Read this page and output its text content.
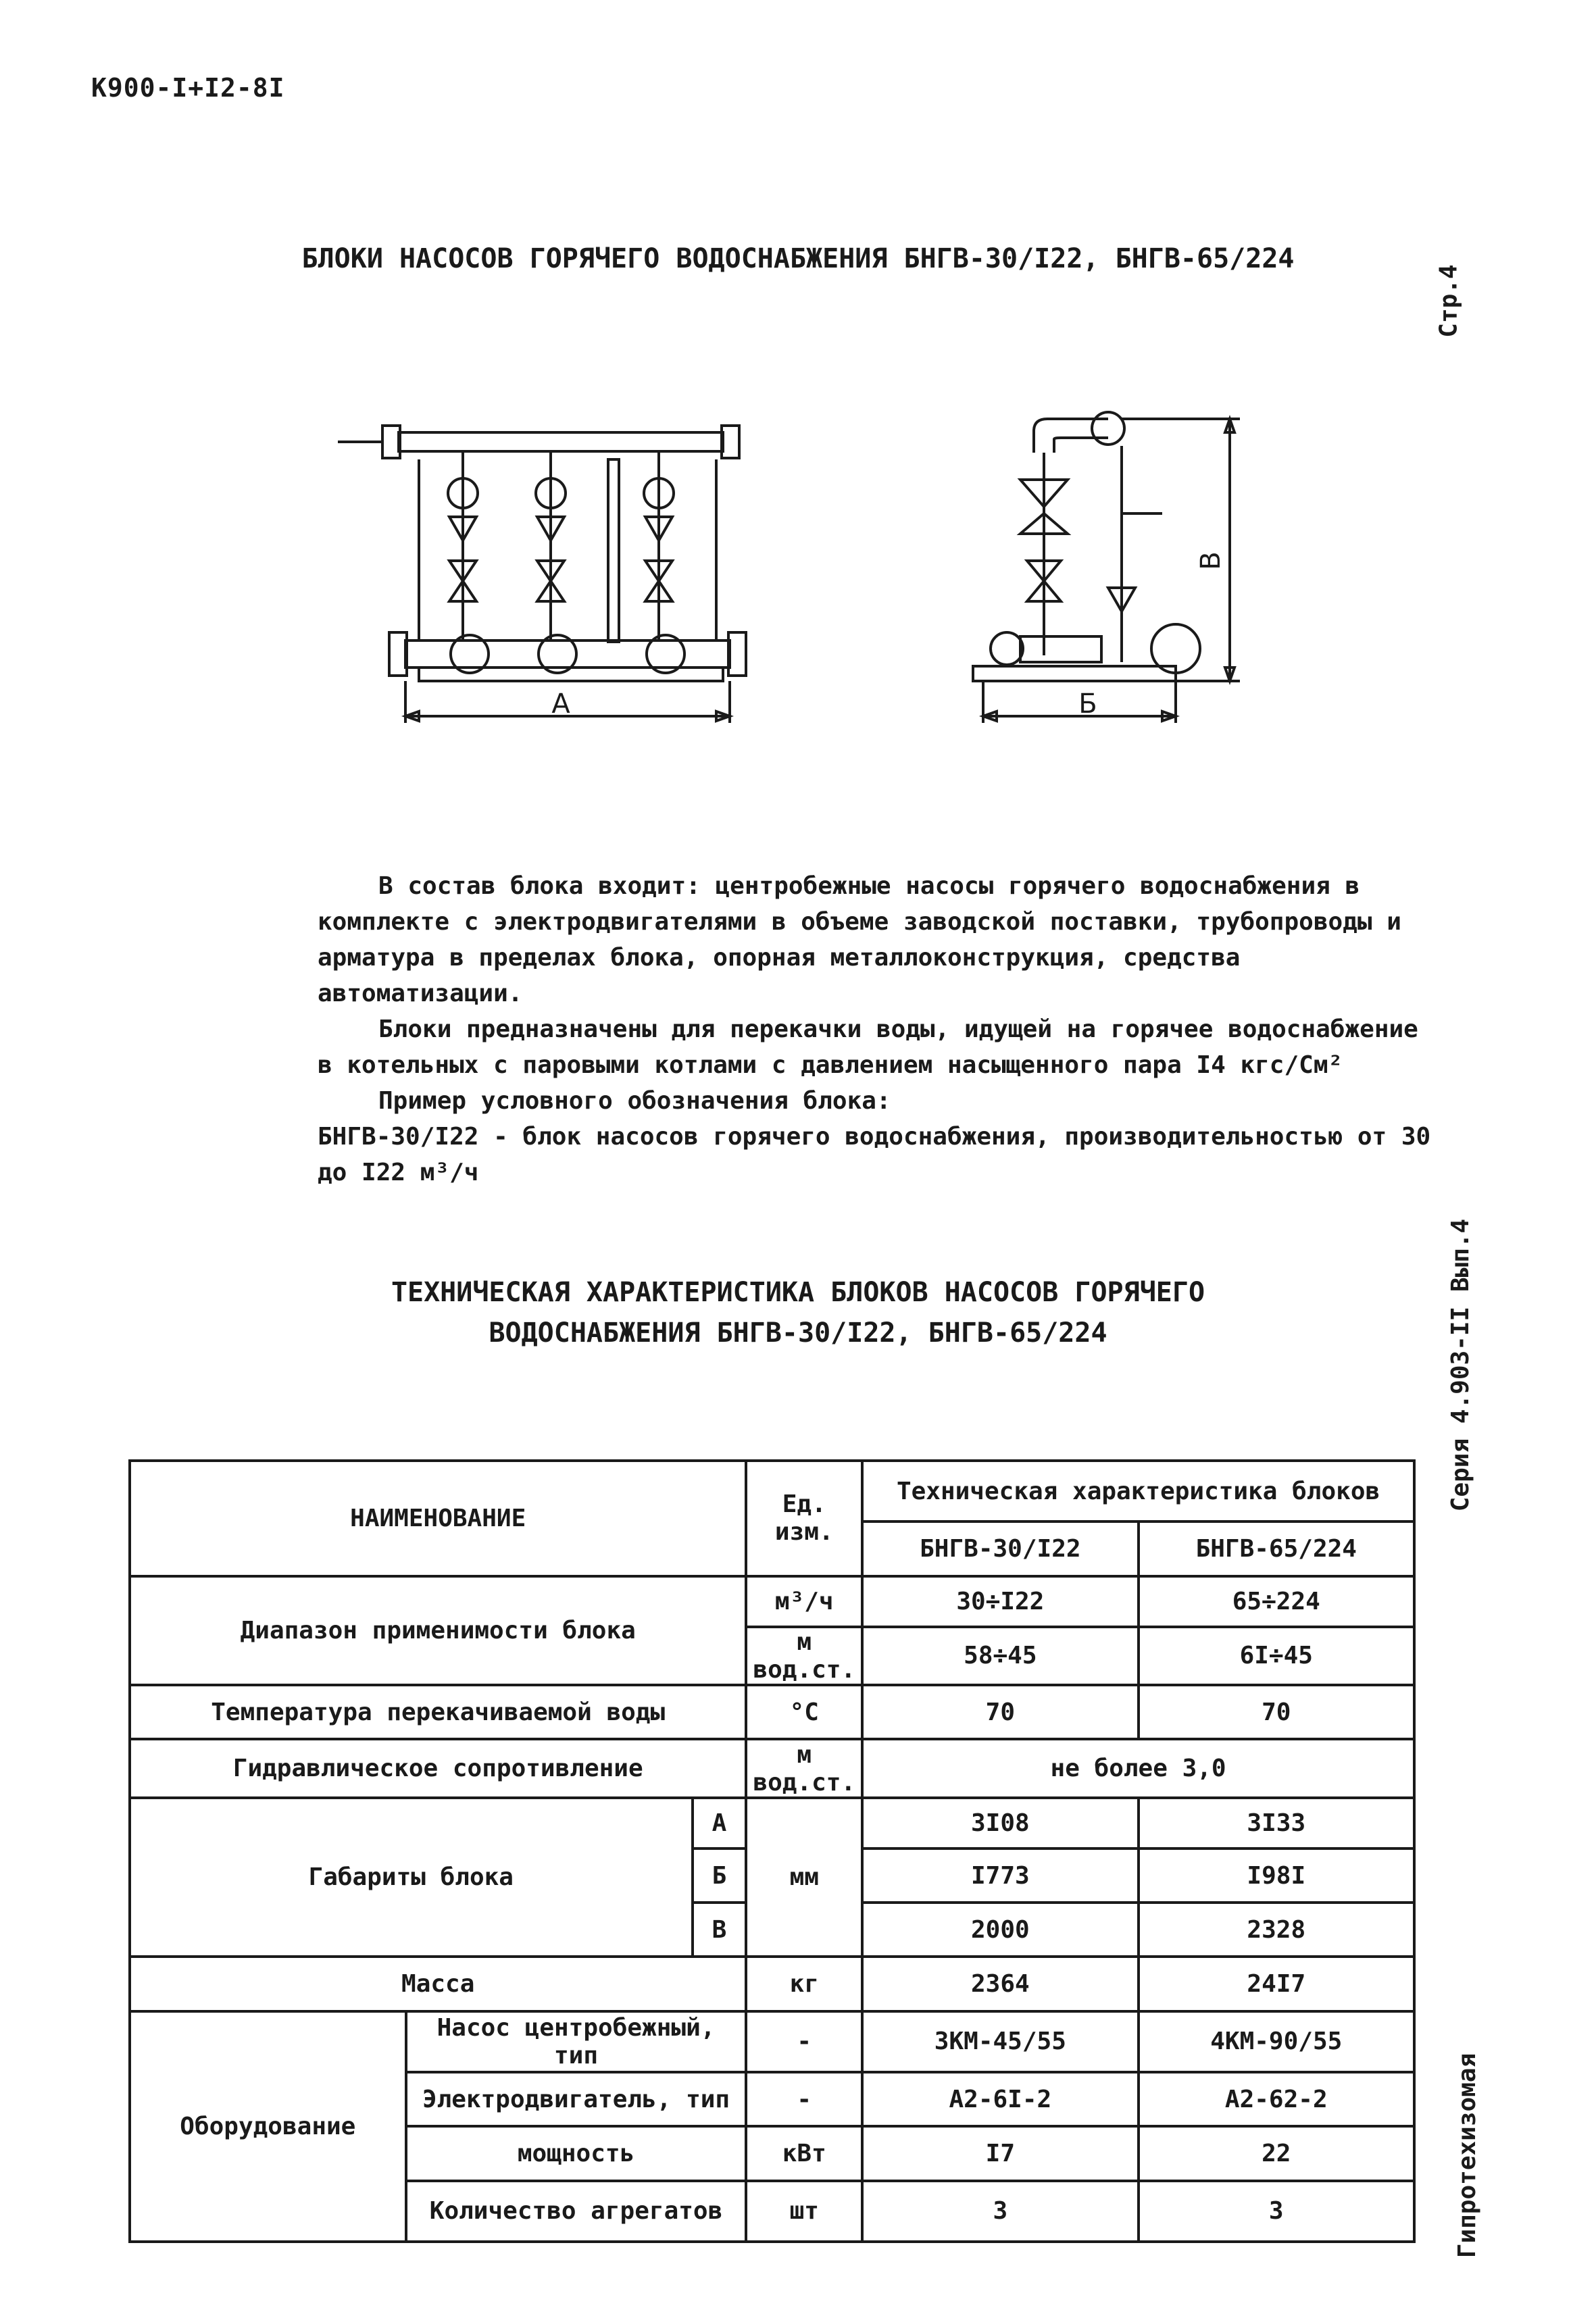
К900-I+I2-8I
БЛОКИ НАСОСОВ ГОРЯЧЕГО ВОДОСНАБЖЕНИЯ БНГВ-30/I22, БНГВ-65/224
Стр.4
Серия 4.903-II Вып.4
Гипротехизомая
А	Б
В

В состав блока входит: центробежные насосы горячего водоснабжения в комплекте с электродвигателями в объеме заводской поставки, трубопроводы и арматура в пределах блока, опорная металлоконструкция, средства автоматизации.

Блоки предназначены для перекачки воды, идущей на горячее водоснабжение в котельных с паровыми котлами с давлением насыщенного пара I4 кгс/См²

Пример условного обозначения блока:

БНГВ-30/I22 - блок насосов горячего водоснабжения, производительностью от 30 до I22 м³/ч

ТЕХНИЧЕСКАЯ ХАРАКТЕРИСТИКА БЛОКОВ НАСОСОВ ГОРЯЧЕГО
ВОДОСНАБЖЕНИЯ БНГВ-30/I22, БНГВ-65/224
НАИМЕНОВАНИЕ			Ед. изм.	Техническая характеристика блоков	
				БНГВ-30/I22	БНГВ-65/224
Диапазон применимости блока			м³/ч	30÷I22	65÷224
			м вод.ст.	58÷45	6I÷45
Температура перекачиваемой воды			°С	70	70
Гидравлическое сопротивление			м вод.ст.	не более 3,0	
Габариты блока		А	мм	3I08	3I33
		Б		I773	I98I
		В		2000	2328
Масса			кг	2364	24I7
Оборудование	Насос центробежный, тип		-	3КМ-45/55	4КМ-90/55
	Электродвигатель, тип		-	А2-6I-2	А2-62-2
	мощность		кВт	I7	22
	Количество агрегатов		шт	3	3
